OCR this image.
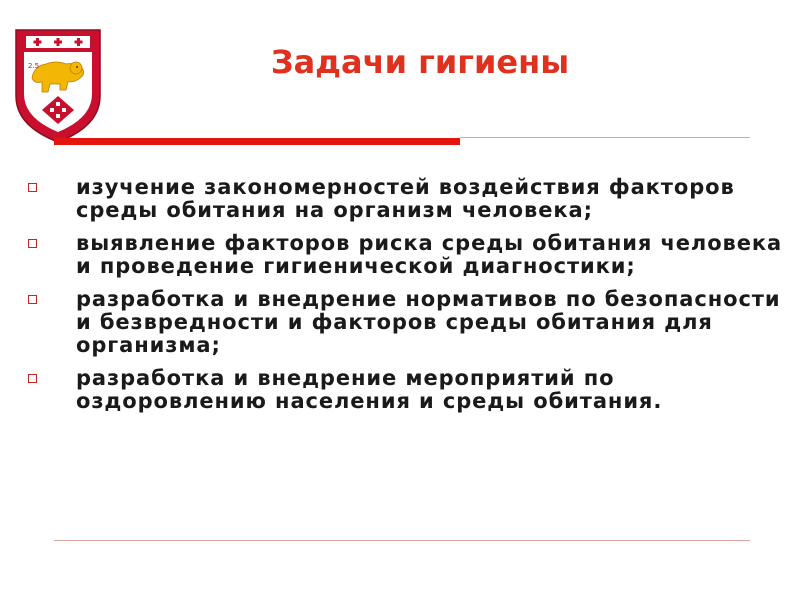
2.5	Задачи гигиены
изучение закономерностей воздействия факторов среды обитания на организм человека;
выявление факторов риска среды обитания человека и проведение гигиенической диагностики;
разработка и внедрение нормативов по безопасности и безвредности и факторов среды обитания для организма;
разработка и внедрение мероприятий по оздоровлению населения и среды обитания.
